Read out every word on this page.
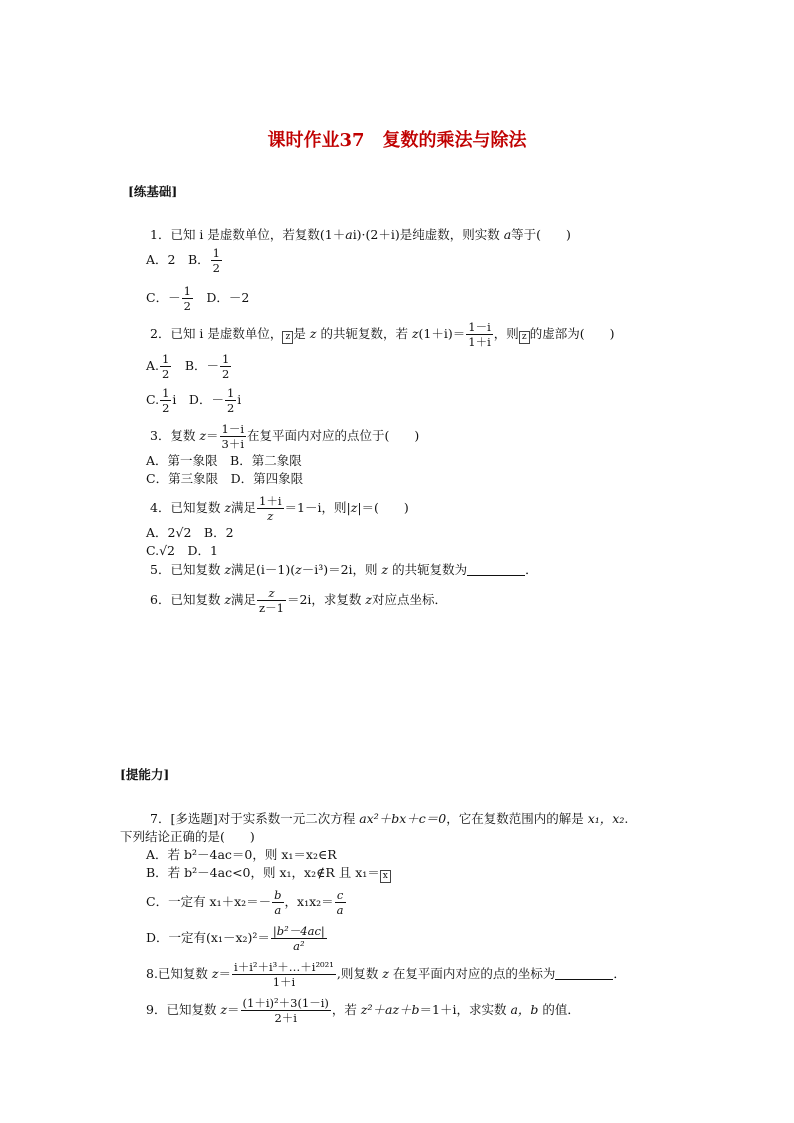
课时作业37　复数的乘法与除法
[练基础]
1．已知 i 是虚数单位，若复数(1＋ai)·(2＋i)是纯虚数，则实数 a等于(　　)
A．2　B． $\frac{1}{2}$
C．－ $\frac{1}{2}$ 　D．－2
2．已知 i 是虚数单位， z 是 z 的共轭复数，若 $z(1+i)= \frac{1-i}{1+i}$ ，则 z 的虚部为(　　)
A. $\frac{1}{2}$ 　B．－ $\frac{1}{2}$
C. $\frac{1}{2}$ i　D．－ $\frac{1}{2}$ i
3．复数 $z= \frac{1-i}{3+i}$ 在复平面内对应的点位于(　　)
A．第一象限　B．第二象限
C．第三象限　D．第四象限
4．已知复数 z满足 $\frac{1+i}{z} =1-i$，则|z|＝(　　)
A．2√2　B．2
C.√2　D．1
5．已知复数 z满足(i－1)(z－i³)＝2i，则 z 的共轭复数为	．
6．已知复数 z满足 $\frac{z}{z-1} =2i$，求复数 z对应点坐标．
[提能力]
7．[多选题]对于实系数一元二次方程 ax²＋bx＋c＝0，它在复数范围内的解是 x₁，x₂.
下列结论正确的是(　　)
A．若 b²－4ac＝0，则 x₁＝x₂∈R
B．若 b²－4ac<0，则 x₁，x₂∉R 且 x₁＝ x
C．一定有 $x_1+x_2=- \frac{b}{a}$ ，$x_1x_2= \frac{c}{a}$
D．一定有$(x_1-x_2)^2= \frac{\text{|b²－4ac|}}{\text{a²}}$
8.已知复数 $z= \frac{\text{i＋i²＋i³＋…＋i²⁰²¹}}{1+i}$ ,则复数 z 在复平面内对应的点的坐标为	．
9．已知复数 $z= \frac{\text{(1＋i)²＋3(1－i)}}{2+i}$ ，若 z²＋az＋b＝1＋i，求实数 a，b 的值．
